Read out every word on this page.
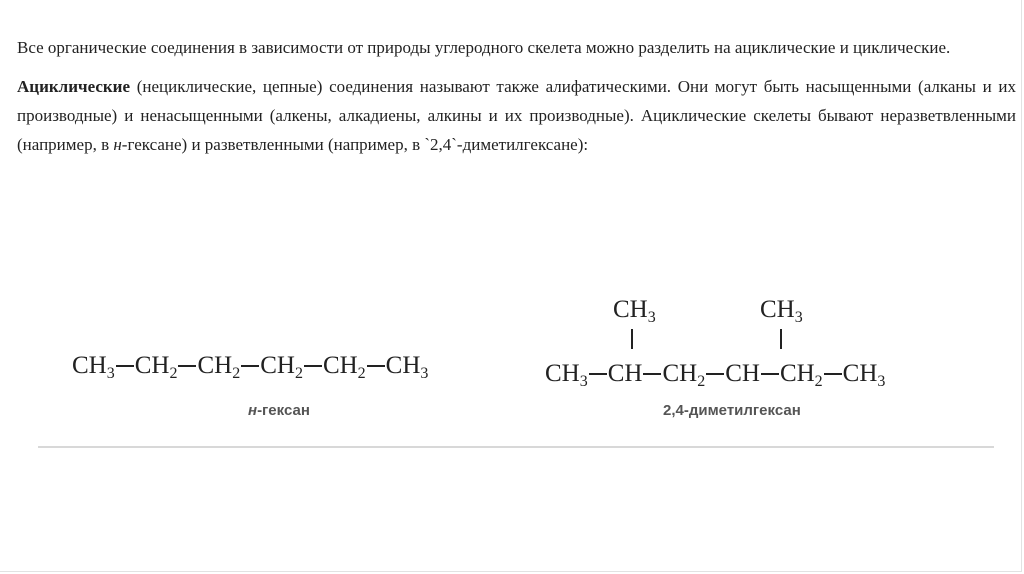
Все органические соединения в зависимости от природы углеродного скелета можно разделить на ациклические и циклические.

Ациклические (нециклические, цепные) соединения называют также алифатическими. Они могут быть насыщенными (алканы и их производные) и ненасыщенными (алкены, алкадиены, алкины и их производные). Ациклические скелеты бывают неразветвленными (например, в н-гексане) и разветвленными (например, в `2,4`-диметилгексане):

$CH_3$ $CH_2$ $CH_2$ $CH_2$ $CH_2$ $CH_3$
н-гексан
$CH_3$	$CH_3$
$CH_3$ CH $CH_2$ CH $CH_2$ $CH_3$
2,4-диметилгексан
